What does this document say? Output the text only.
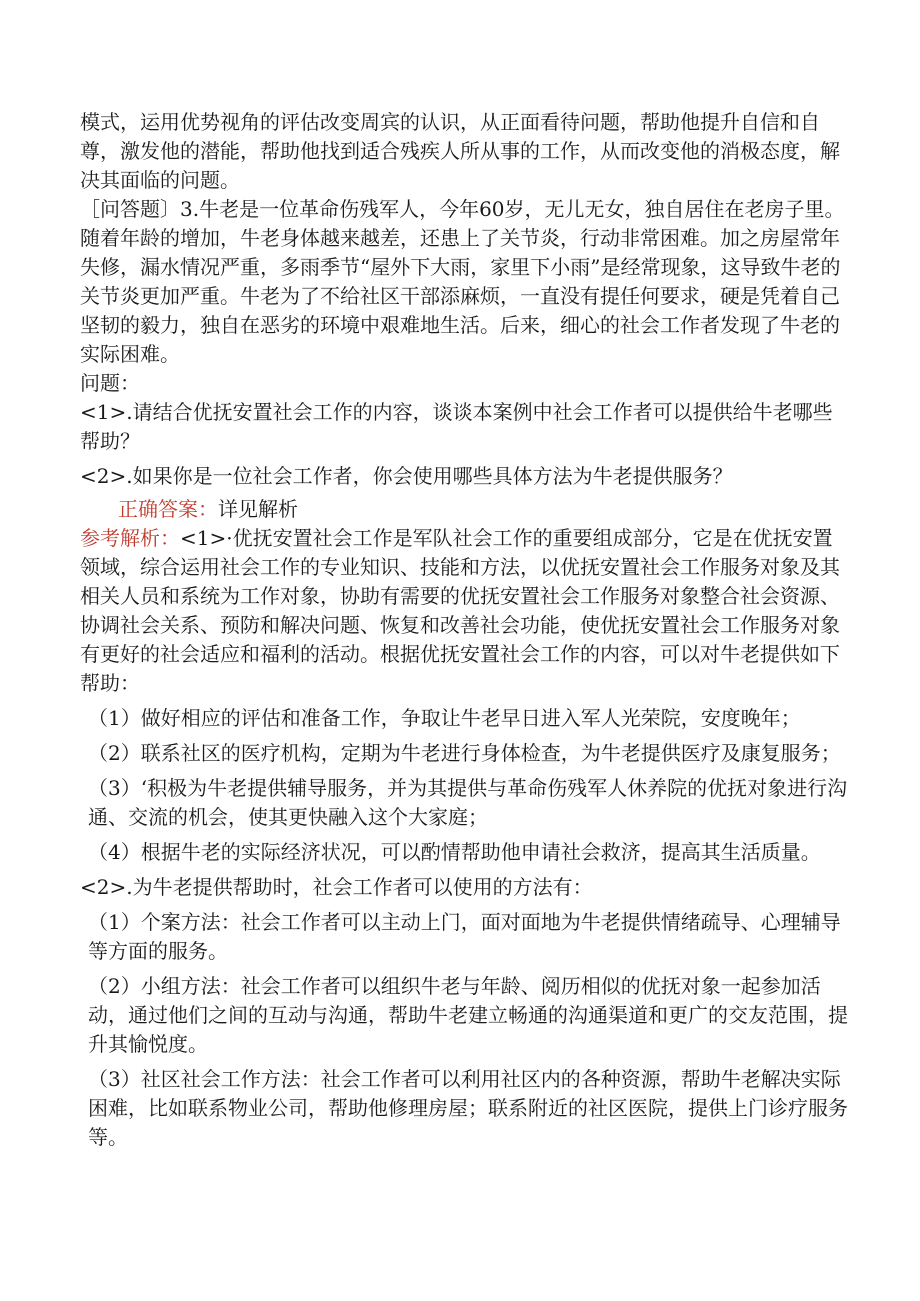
模式，运用优势视角的评估改变周宾的认识，从正面看待问题，帮助他提升自信和自尊，激发他的潜能，帮助他找到适合残疾人所从事的工作，从而改变他的消极态度，解决其面临的问题。

［问答题〕3.牛老是一位革命伤残军人，今年60岁，无儿无女，独自居住在老房子里。随着年龄的增加，牛老身体越来越差，还患上了关节炎，行动非常困难。加之房屋常年失修，漏水情况严重，多雨季节“屋外下大雨，家里下小雨”是经常现象，这导致牛老的关节炎更加严重。牛老为了不给社区干部添麻烦，一直没有提任何要求，硬是凭着自己坚韧的毅力，独自在恶劣的环境中艰难地生活。后来，细心的社会工作者发现了牛老的实际困难。

问题：

<1>.请结合优抚安置社会工作的内容，谈谈本案例中社会工作者可以提供给牛老哪些帮助？

<2>.如果你是一位社会工作者，你会使用哪些具体方法为牛老提供服务？

正确答案：详见解析

参考解析：<1>·优抚安置社会工作是军队社会工作的重要组成部分，它是在优抚安置领域，综合运用社会工作的专业知识、技能和方法，以优抚安置社会工作服务对象及其相关人员和系统为工作对象，协助有需要的优抚安置社会工作服务对象整合社会资源、协调社会关系、预防和解决问题、恢复和改善社会功能，使优抚安置社会工作服务对象有更好的社会适应和福利的活动。根据优抚安置社会工作的内容，可以对牛老提供如下帮助：

（1）做好相应的评估和准备工作，争取让牛老早日进入军人光荣院，安度晚年；

（2）联系社区的医疗机构，定期为牛老进行身体检查，为牛老提供医疗及康复服务；

（3）‘积极为牛老提供辅导服务，并为其提供与革命伤残军人休养院的优抚对象进行沟通、交流的机会，使其更快融入这个大家庭；

（4）根据牛老的实际经济状况，可以酌情帮助他申请社会救济，提高其生活质量。

<2>.为牛老提供帮助时，社会工作者可以使用的方法有：

（1）个案方法：社会工作者可以主动上门，面对面地为牛老提供情绪疏导、心理辅导等方面的服务。

（2）小组方法：社会工作者可以组织牛老与年龄、阅历相似的优抚对象一起参加活动，通过他们之间的互动与沟通，帮助牛老建立畅通的沟通渠道和更广的交友范围，提升其愉悦度。

（3）社区社会工作方法：社会工作者可以利用社区内的各种资源，帮助牛老解决实际困难，比如联系物业公司，帮助他修理房屋；联系附近的社区医院，提供上门诊疗服务等。
